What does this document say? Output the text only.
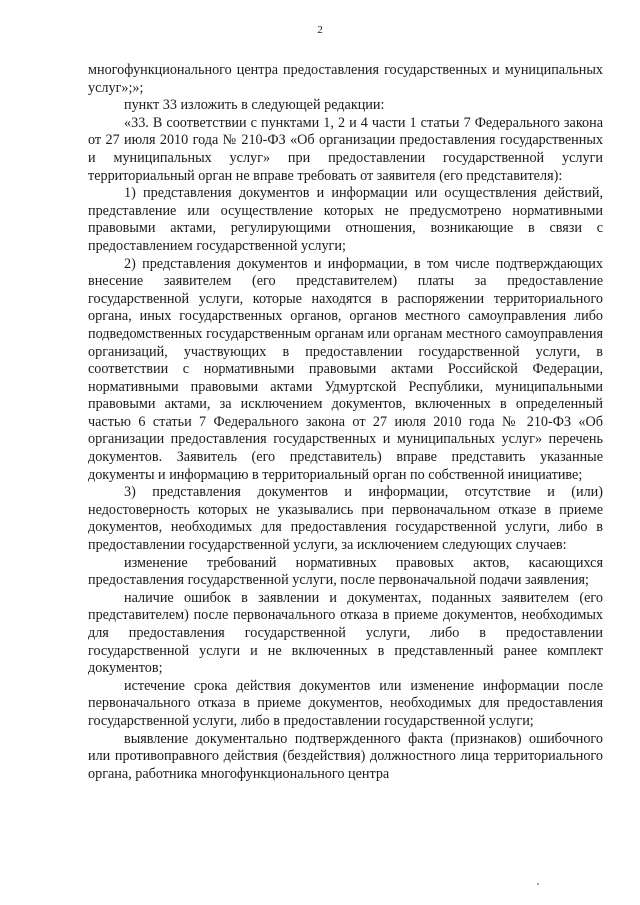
2

многофункционального центра предоставления государственных и муниципальных услуг»;»;

пункт 33 изложить в следующей редакции:

«33. В соответствии с пунктами 1, 2 и 4 части 1 статьи 7 Федерального закона от 27 июля 2010 года № 210-ФЗ «Об организации предоставления государственных и муниципальных услуг» при предоставлении государственной услуги территориальный орган не вправе требовать от заявителя (его представителя):

1) представления документов и информации или осуществления действий, представление или осуществление которых не предусмотрено нормативными правовыми актами, регулирующими отношения, возникающие в связи с предоставлением государственной услуги;

2) представления документов и информации, в том числе подтверждающих внесение заявителем (его представителем) платы за предоставление государственной услуги, которые находятся в распоряжении территориального органа, иных государственных органов, органов местного самоуправления либо подведомственных государственным органам или органам местного самоуправления организаций, участвующих в предоставлении государственной услуги, в соответствии с нормативными правовыми актами Российской Федерации, нормативными правовыми актами Удмуртской Республики, муниципальными правовыми актами, за исключением документов, включенных в определенный частью 6 статьи 7 Федерального закона от 27 июля 2010 года № 210-ФЗ «Об организации предоставления государственных и муниципальных услуг» перечень документов. Заявитель (его представитель) вправе представить указанные документы и информацию в территориальный орган по собственной инициативе;

3) представления документов и информации, отсутствие и (или) недостоверность которых не указывались при первоначальном отказе в приеме документов, необходимых для предоставления государственной услуги, либо в предоставлении государственной услуги, за исключением следующих случаев:

изменение требований нормативных правовых актов, касающихся предоставления государственной услуги, после первоначальной подачи заявления;

наличие ошибок в заявлении и документах, поданных заявителем (его представителем) после первоначального отказа в приеме документов, необходимых для предоставления государственной услуги, либо в предоставлении государственной услуги и не включенных в представленный ранее комплект документов;

истечение срока действия документов или изменение информации после первоначального отказа в приеме документов, необходимых для предоставления государственной услуги, либо в предоставлении государственной услуги;

выявление документально подтвержденного факта (признаков) ошибочного или противоправного действия (бездействия) должностного лица территориального органа, работника многофункционального центра
